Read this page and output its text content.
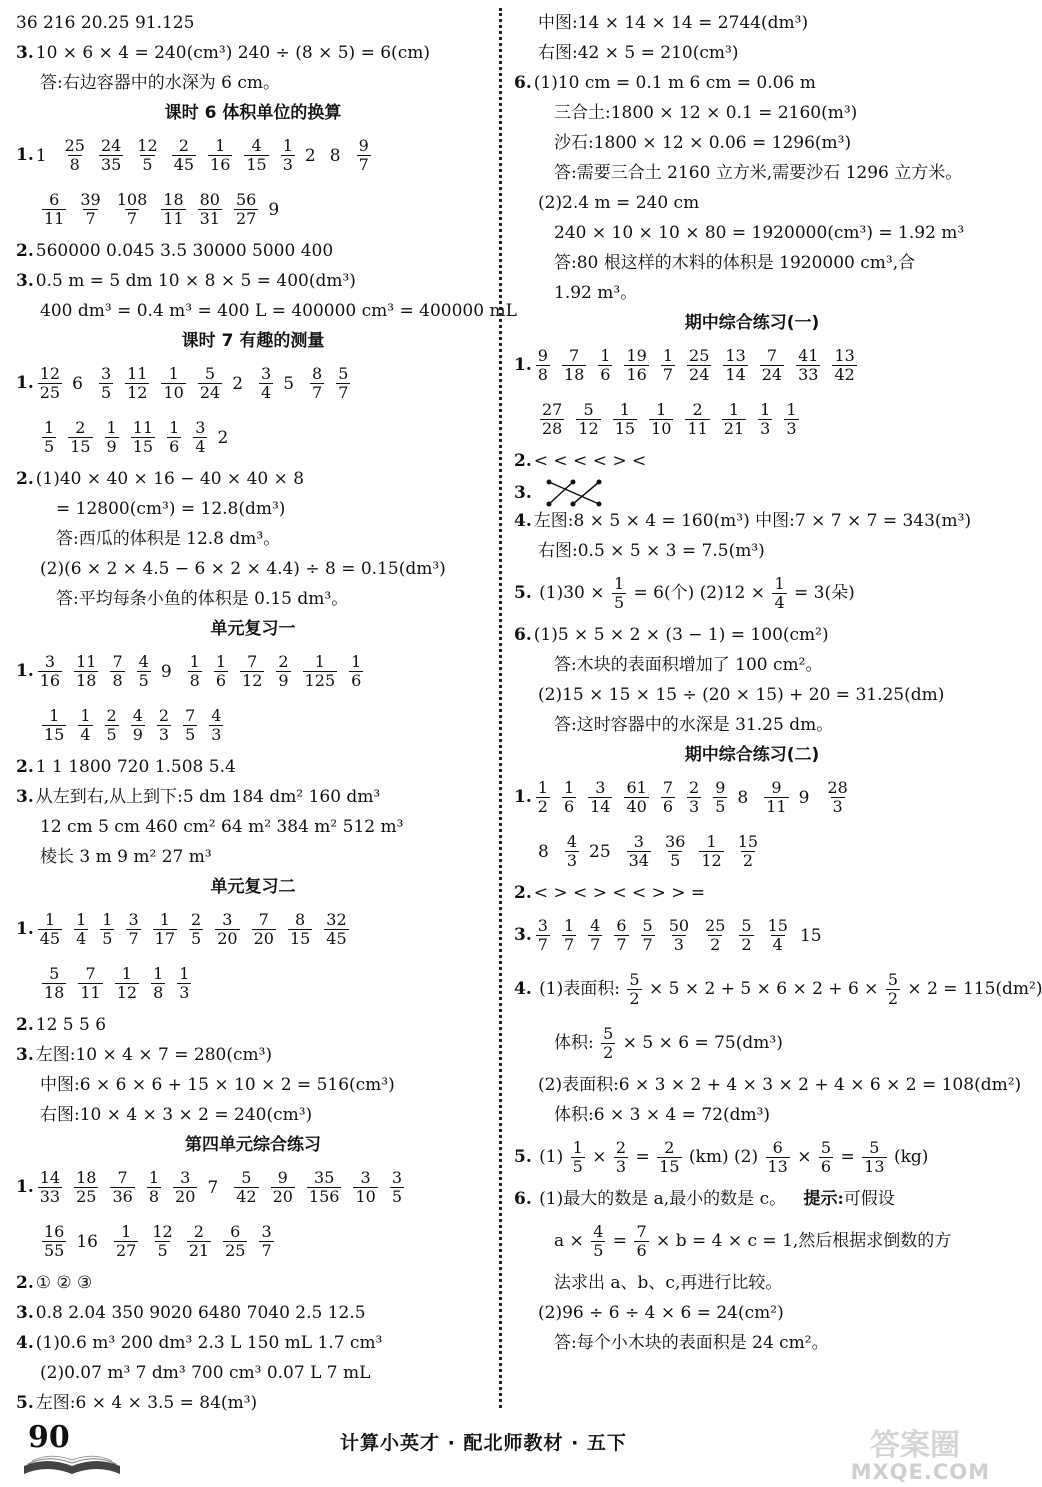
36 216 20.25 91.125
3. 10 × 6 × 4 = 240(cm³) 240 ÷ (8 × 5) = 6(cm)
答:右边容器中的水深为 6 cm。
课时 6 体积单位的换算
1. $1 \frac{25}{8} \frac{24}{35} \frac{12}{5} \frac{2}{45} \frac{1}{16} \frac{4}{15} \frac{1}{3} 2$ $8 \frac{9}{7}$
$\frac{6}{11} \frac{39}{7} \frac{108}{7} \frac{18}{11} \frac{80}{31} \frac{56}{27} 9$
2. 560000 0.045 3.5 30000 5000 400
3. 0.5 m = 5 dm 10 × 8 × 5 = 400(dm³)
400 dm³ = 0.4 m³ = 400 L = 400000 cm³ = 400000 mL
课时 7 有趣的测量
1. $\frac{12}{25} 6 \frac{3}{5} \frac{11}{12} \frac{1}{10} \frac{5}{24} 2 \frac{3}{4} 5 \frac{8}{7} \frac{5}{7}$
$\frac{1}{5} \frac{2}{15} \frac{1}{9} \frac{11}{15} \frac{1}{6} \frac{3}{4} 2$
2. (1)40 × 40 × 16 − 40 × 40 × 8
= 12800(cm³) = 12.8(dm³)
答:西瓜的体积是 12.8 dm³。
(2)(6 × 2 × 4.5 − 6 × 2 × 4.4) ÷ 8 = 0.15(dm³)
答:平均每条小鱼的体积是 0.15 dm³。
单元复习一
1. $\frac{3}{16} \frac{11}{18} \frac{7}{8} \frac{4}{5} 9 \frac{1}{8} \frac{1}{6} \frac{7}{12} \frac{2}{9} \frac{1}{125} \frac{1}{6}$
$\frac{1}{15} \frac{1}{4} \frac{2}{5} \frac{4}{9} \frac{2}{3} \frac{7}{5} \frac{4}{3}$
2. 1 1 1800 720 1.508 5.4
3. 从左到右,从上到下:5 dm 184 dm² 160 dm³
12 cm 5 cm 460 cm² 64 m² 384 m² 512 m³
棱长 3 m 9 m² 27 m³
单元复习二
1. $\frac{1}{45} \frac{1}{4} \frac{1}{5} \frac{3}{7} \frac{1}{17} \frac{2}{5} \frac{3}{20} \frac{7}{20} \frac{8}{15} \frac{32}{45}$
$\frac{5}{18} \frac{7}{11} \frac{1}{12} \frac{1}{8} \frac{1}{3}$
2. 12 5 5 6
3. 左图:10 × 4 × 7 = 280(cm³)
中图:6 × 6 × 6 + 15 × 10 × 2 = 516(cm³)
右图:10 × 4 × 3 × 2 = 240(cm³)
第四单元综合练习
1. $\frac{14}{33} \frac{18}{25} \frac{7}{36} \frac{1}{8} \frac{3}{20} 7 \frac{5}{42} \frac{9}{20} \frac{35}{156} \frac{3}{10} \frac{3}{5}$
$\frac{16}{55} 16 \frac{1}{27} \frac{12}{5} \frac{2}{21} \frac{6}{25} \frac{3}{7}$
2. ① ② ③
3. 0.8 2.04 350 9020 6480 7040 2.5 12.5
4. (1)0.6 m³ 200 dm³ 2.3 L 150 mL 1.7 cm³
(2)0.07 m³ 7 dm³ 700 cm³ 0.07 L 7 mL
5. 左图:6 × 4 × 3.5 = 84(m³)
中图:14 × 14 × 14 = 2744(dm³)
右图:42 × 5 = 210(cm³)
6. (1)10 cm = 0.1 m 6 cm = 0.06 m
三合土:1800 × 12 × 0.1 = 2160(m³)
沙石:1800 × 12 × 0.06 = 1296(m³)
答:需要三合土 2160 立方米,需要沙石 1296 立方米。
(2)2.4 m = 240 cm
240 × 10 × 10 × 80 = 1920000(cm³) = 1.92 m³
答:80 根这样的木料的体积是 1920000 cm³,合
1.92 m³。
期中综合练习(一)
1. $\frac{9}{8} \frac{7}{18} \frac{1}{6} \frac{19}{16} \frac{1}{7} \frac{25}{24} \frac{13}{14} \frac{7}{24} \frac{41}{33} \frac{13}{42}$
$\frac{27}{28} \frac{5}{12} \frac{1}{15} \frac{1}{10} \frac{2}{11} \frac{1}{21} \frac{1}{3} \frac{1}{3}$
2. < < < < > <
3.
4. 左图:8 × 5 × 4 = 160(m³) 中图:7 × 7 × 7 = 343(m³)
右图:0.5 × 5 × 3 = 7.5(m³)
5. $(1)30 \times \frac{1}{5} = 6$(个) $(2)12 \times \frac{1}{4} = 3$(朵)
6. (1)5 × 5 × 2 × (3 − 1) = 100(cm²)
答:木块的表面积增加了 100 cm²。
(2)15 × 15 × 15 ÷ (20 × 15) + 20 = 31.25(dm)
答:这时容器中的水深是 31.25 dm。
期中综合练习(二)
1. $\frac{1}{2} \frac{1}{6} \frac{3}{14} \frac{61}{40} \frac{7}{6} \frac{2}{3} \frac{9}{5} 8 \frac{9}{11} 9 \frac{28}{3}$
$8 \frac{4}{3} 25 \frac{3}{34} \frac{36}{5} \frac{1}{12} \frac{15}{2}$
2. < > < > < < > > =
3. $\frac{3}{7} \frac{1}{7} \frac{4}{7} \frac{6}{7} \frac{5}{7} \frac{50}{3} \frac{25}{2} \frac{5}{2} \frac{15}{4} 15$
4. (1)表面积: $\frac{5}{2} \times 5 \times 2 + 5 \times 6 \times 2 + 6 \times \frac{5}{2} \times 2 = 115(dm^2)$
体积: $\frac{5}{2} \times 5 \times 6 = 75(dm^3)$
(2)表面积:6 × 3 × 2 + 4 × 3 × 2 + 4 × 6 × 2 = 108(dm²)
体积:6 × 3 × 4 = 72(dm³)
5. $(1) \frac{1}{5} \times \frac{2}{3} = \frac{2}{15} (km)$ $(2) \frac{6}{13} \times \frac{5}{6} = \frac{5}{13} (kg)$
6. (1)最大的数是 a,最小的数是 c。 提示:可假设
$a \times \frac{4}{5} = \frac{7}{6} \times b = 4 \times c = 1$,然后根据求倒数的方
法求出 a、b、c,再进行比较。
(2)96 ÷ 6 ÷ 4 × 6 = 24(cm²)
答:每个小木块的表面积是 24 cm²。
90	计算小英才 · 配北师教材 · 五下	答案圈
MXQE.COM
